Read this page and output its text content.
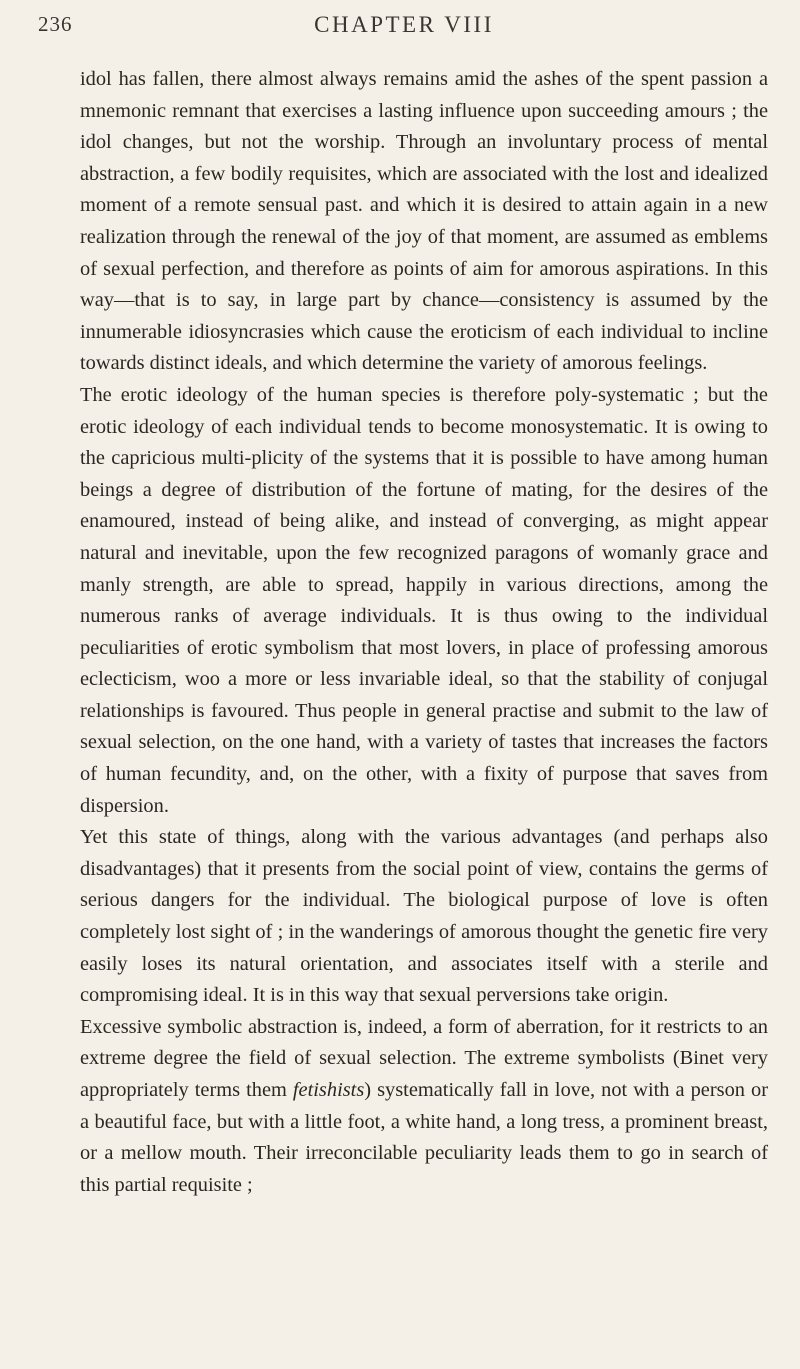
236	CHAPTER VIII

idol has fallen, there almost always remains amid the ashes of the spent passion a mnemonic remnant that exercises a lasting influence upon succeeding amours ; the idol changes, but not the worship. Through an involuntary process of mental abstraction, a few bodily requisites, which are associated with the lost and idealized moment of a remote sensual past. and which it is desired to attain again in a new realization through the renewal of the joy of that moment, are assumed as emblems of sexual perfection, and therefore as points of aim for amorous aspirations. In this way—that is to say, in large part by chance—consistency is assumed by the innumerable idiosyncrasies which cause the eroticism of each individual to incline towards distinct ideals, and which determine the variety of amorous feelings.

The erotic ideology of the human species is therefore poly-systematic ; but the erotic ideology of each individual tends to become monosystematic. It is owing to the capricious multi-plicity of the systems that it is possible to have among human beings a degree of distribution of the fortune of mating, for the desires of the enamoured, instead of being alike, and instead of converging, as might appear natural and inevitable, upon the few recognized paragons of womanly grace and manly strength, are able to spread, happily in various directions, among the numerous ranks of average individuals. It is thus owing to the individual peculiarities of erotic symbolism that most lovers, in place of professing amorous eclecticism, woo a more or less invariable ideal, so that the stability of conjugal relationships is favoured. Thus people in general practise and submit to the law of sexual selection, on the one hand, with a variety of tastes that increases the factors of human fecundity, and, on the other, with a fixity of purpose that saves from dispersion.

Yet this state of things, along with the various advantages (and perhaps also disadvantages) that it presents from the social point of view, contains the germs of serious dangers for the individual. The biological purpose of love is often completely lost sight of ; in the wanderings of amorous thought the genetic fire very easily loses its natural orientation, and associates itself with a sterile and compromising ideal. It is in this way that sexual perversions take origin.

Excessive symbolic abstraction is, indeed, a form of aberration, for it restricts to an extreme degree the field of sexual selection. The extreme symbolists (Binet very appropriately terms them fetishists) systematically fall in love, not with a person or a beautiful face, but with a little foot, a white hand, a long tress, a prominent breast, or a mellow mouth. Their irreconcilable peculiarity leads them to go in search of this partial requisite ;
